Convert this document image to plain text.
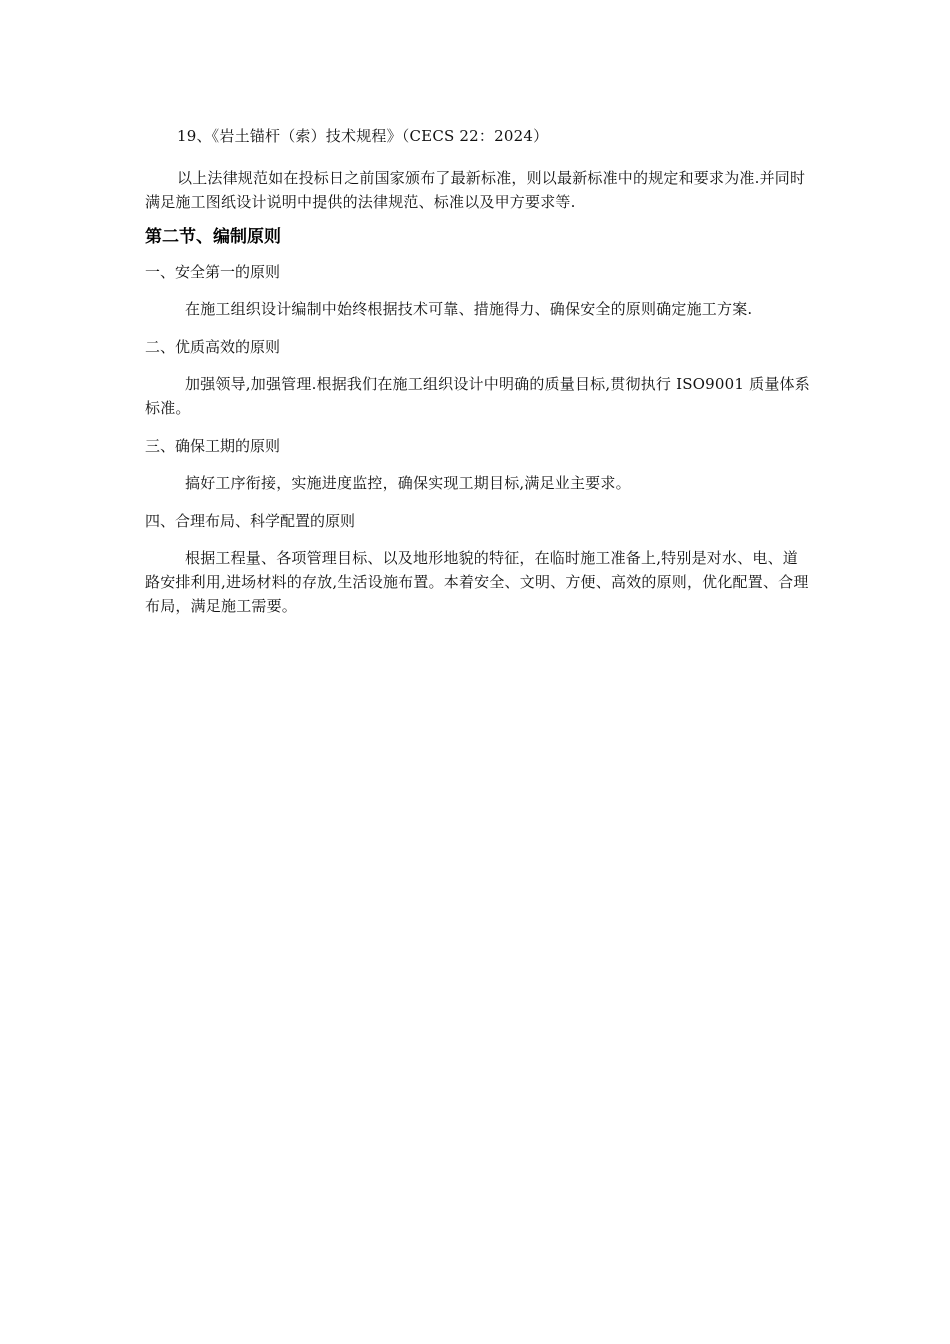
19、《岩土锚杆（索）技术规程》（CECS 22：2024）

以上法律规范如在投标日之前国家颁布了最新标准，则以最新标准中的规定和要求为准.并同时满足施工图纸设计说明中提供的法律规范、标准以及甲方要求等.

第二节、编制原则

一、安全第一的原则

在施工组织设计编制中始终根据技术可靠、措施得力、确保安全的原则确定施工方案.

二、优质高效的原则

加强领导,加强管理.根据我们在施工组织设计中明确的质量目标,贯彻执行 ISO9001 质量体系标准。

三、确保工期的原则

搞好工序衔接，实施进度监控，确保实现工期目标,满足业主要求。

四、合理布局、科学配置的原则

根据工程量、各项管理目标、以及地形地貌的特征，在临时施工准备上,特别是对水、电、道路安排利用,进场材料的存放,生活设施布置。本着安全、文明、方便、高效的原则，优化配置、合理布局，满足施工需要。
